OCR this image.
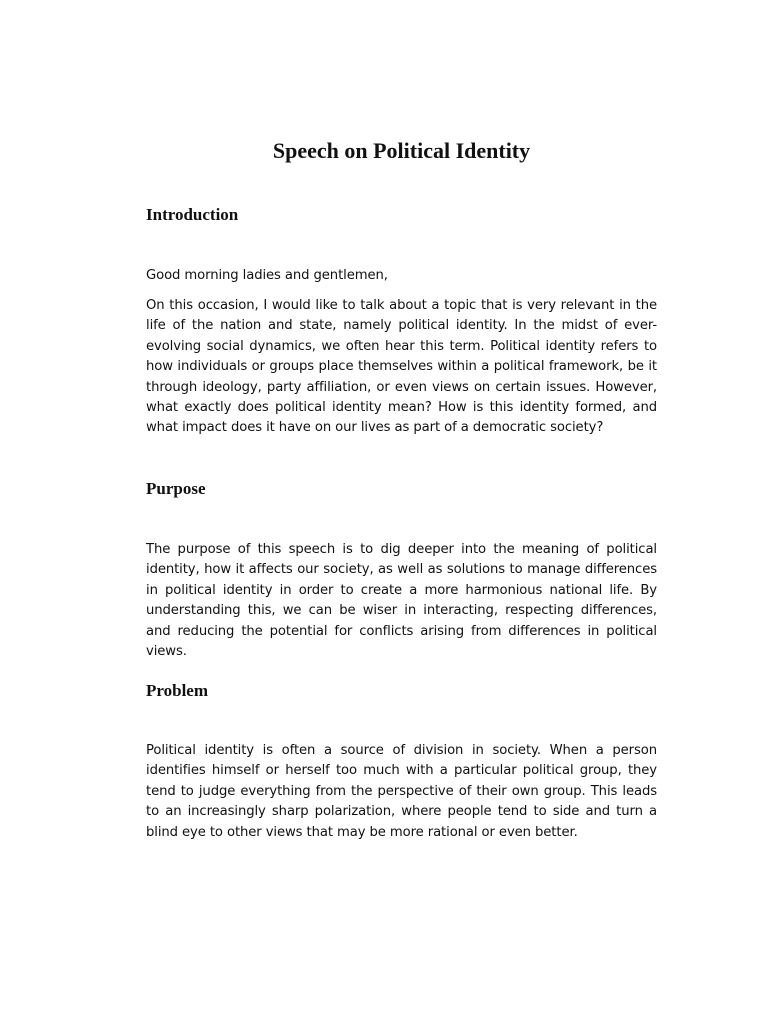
Speech on Political Identity
Introduction

Good morning ladies and gentlemen,

On this occasion, I would like to talk about a topic that is very relevant in the life of the nation and state, namely political identity. In the midst of ever-evolving social dynamics, we often hear this term. Political identity refers to how individuals or groups place themselves within a political framework, be it through ideology, party affiliation, or even views on certain issues. However, what exactly does political identity mean? How is this identity formed, and what impact does it have on our lives as part of a democratic society?

Purpose

The purpose of this speech is to dig deeper into the meaning of political identity, how it affects our society, as well as solutions to manage differences in political identity in order to create a more harmonious national life. By understanding this, we can be wiser in interacting, respecting differences, and reducing the potential for conflicts arising from differences in political views.

Problem

Political identity is often a source of division in society. When a person identifies himself or herself too much with a particular political group, they tend to judge everything from the perspective of their own group. This leads to an increasingly sharp polarization, where people tend to side and turn a blind eye to other views that may be more rational or even better.
